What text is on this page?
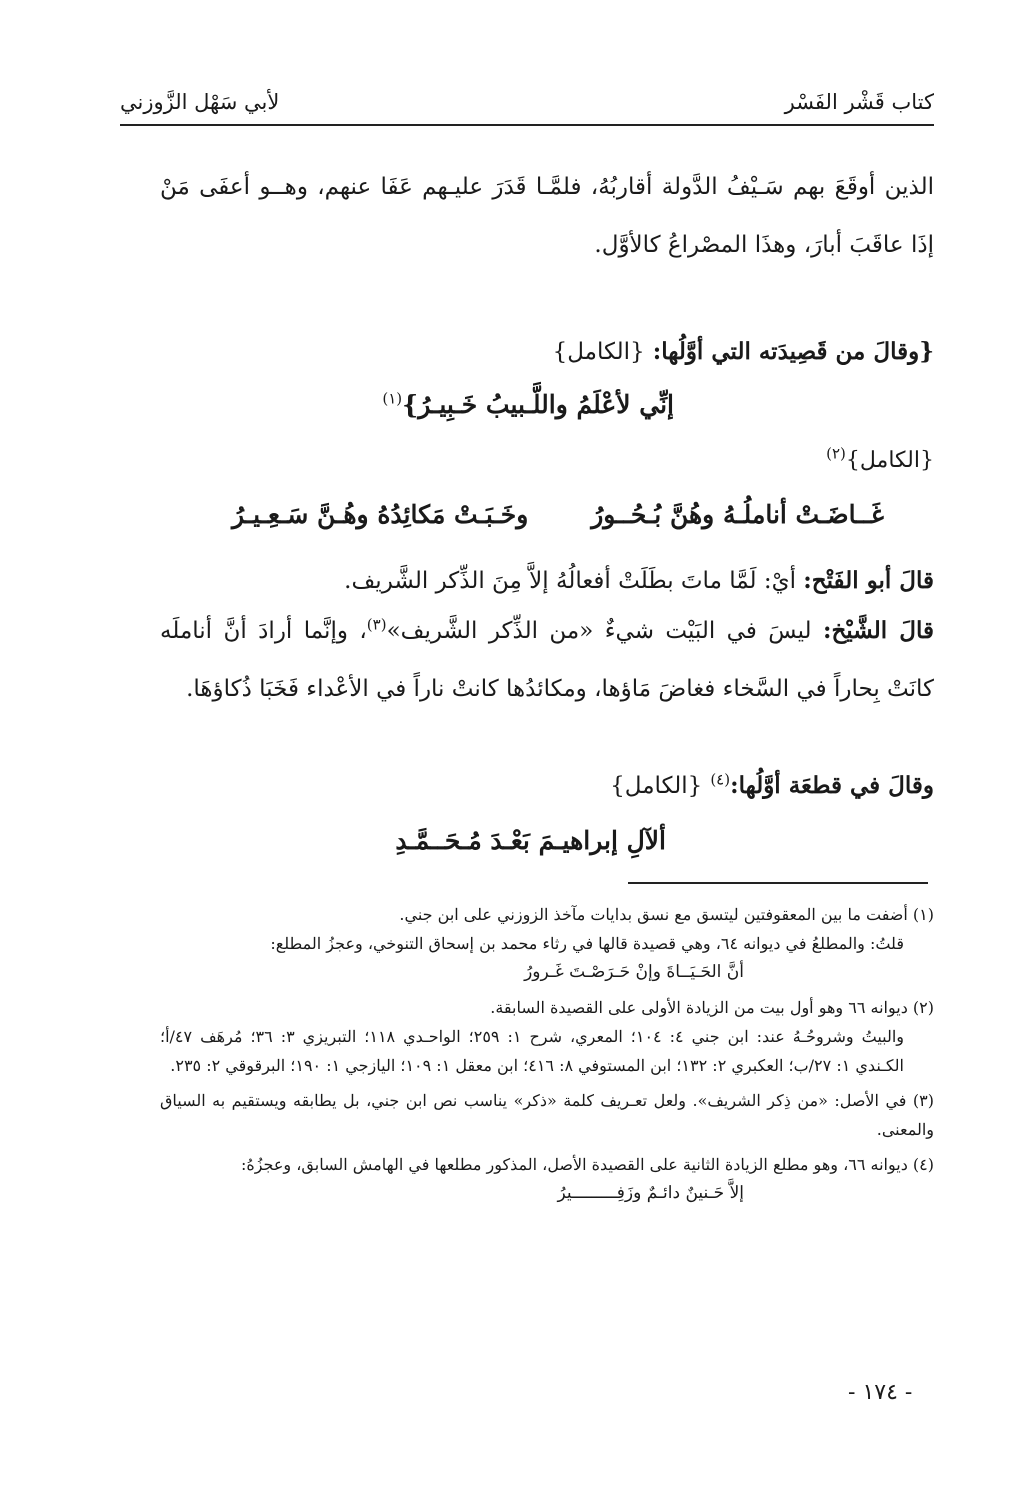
كتاب قَشْر الفَسْر
لأبي سَهْل الزَّوزني
الذين أوقَعَ بهم سَـيْفُ الدَّولة أقاربُهُ، فلمَّـا قَدَرَ عليـهم عَفَا عنهم، وهــو أعفَى مَنْ إذَا عاقَبَ أبارَ، وهذَا المصْراعُ كالأوَّل.
{وقالَ من قَصِيدَته التي أوَّلُها: {الكامل}
إنِّي لأعْلَمُ واللَّـبيبُ خَـبِيـرُ}$^{(١)}$
{الكامل}$^{(٢)}$
غَــاضَـتْ أناملُـهُ وهُنَّ بُـحُــورُ
وخَـبَـتْ مَكائِدُهُ وهُـنَّ سَـعِـيـرُ
قالَ أبو الفَتْح: أيْ: لَمَّا ماتَ بطَلَتْ أفعالُهُ إلاَّ مِنَ الذِّكر الشَّريف.
قالَ الشَّيْخ: ليسَ في البَيْت شيءٌ «من الذِّكر الشَّريف»$^{(٣)}$، وإنَّما أرادَ أنَّ أناملَه كانَتْ بِحاراً في السَّخاء فغاضَ مَاؤها، ومكائدُها كانتْ ناراً في الأعْداء فَخَبَا ذُكاؤهَا.
وقالَ في قطعَة أوَّلُها:$^{(٤)}$ {الكامل}
ألآلِ إبراهيـمَ بَعْـدَ مُـحَــمَّـدِ
(١) أضفت ما بين المعقوفتين ليتسق مع نسق بدايات مآخذ الزوزني على ابن جني.
قلتُ: والمطلعُ في ديوانه ٦٤، وهي قصيدة قالها في رثاء محمد بن إسحاق التنوخي، وعجزُ المطلع:
أنَّ الحَـيَــاةَ وإنْ حَـرَصْـتَ غَـرورُ
(٢) ديوانه ٦٦ وهو أول بيت من الزيادة الأولى على القصيدة السابقة.
والبيتُ وشروحُـهُ عند: ابن جني ٤: ١٠٤؛ المعري، شرح ١: ٢٥٩؛ الواحـدي ١١٨؛ التبريزي ٣: ٣٦؛ مُرهَف ٤٧/أ؛ الكـندي ١: ٢٧/ب؛ العكبري ٢: ١٣٢؛ ابن المستوفي ٨: ٤١٦؛ ابن معقل ١: ١٠٩؛ اليازجي ١: ١٩٠؛ البرقوقي ٢: ٢٣٥.
(٣) في الأصل: «من ذِكر الشريف». ولعل تعـريف كلمة «ذكر» يناسب نص ابن جني، بل يطابقه ويستقيم به السياق والمعنى.
(٤) ديوانه ٦٦، وهو مطلع الزيادة الثانية على القصيدة الأصل، المذكور مطلعها في الهامش السابق، وعجزُهُ:
إلاَّ حَـنينٌ دائـمٌ وزَفِـــــــــيرُ
- ١٧٤ -
